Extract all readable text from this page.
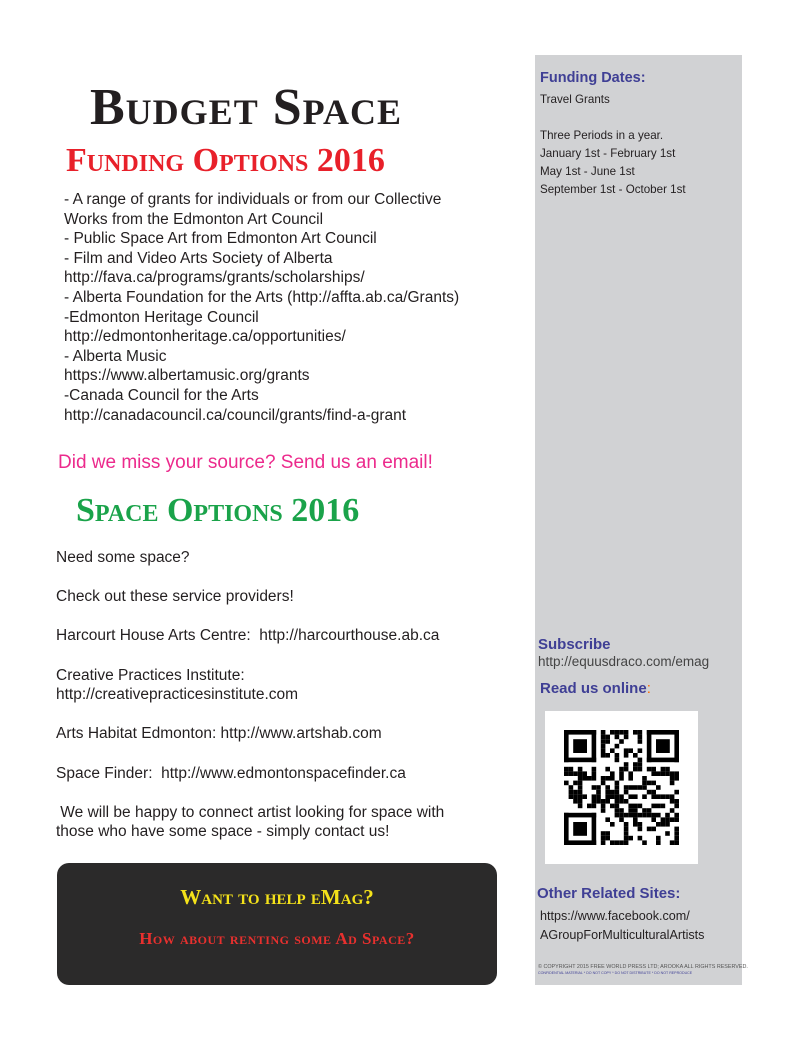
Budget Space
Funding Options 2016
- A range of grants for individuals or from our Collective
Works from the Edmonton Art Council
- Public Space Art from Edmonton Art Council
- Film and Video Arts Society of Alberta
http://fava.ca/programs/grants/scholarships/
- Alberta Foundation for the Arts (http://affta.ab.ca/Grants)
-Edmonton Heritage Council
http://edmontonheritage.ca/opportunities/
- Alberta Music
https://www.albertamusic.org/grants
-Canada Council for the Arts
http://canadacouncil.ca/council/grants/find-a-grant
Did we miss your source? Send us an email!
Space Options 2016

Need some space?

Check out these service providers!

Harcourt House Arts Centre:  http://harcourthouse.ab.ca

Creative Practices Institute:
http://creativepracticesinstitute.com

Arts Habitat Edmonton: http://www.artshab.com

Space Finder:  http://www.edmontonspacefinder.ca

We will be happy to connect artist looking for space with
those who have some space - simply contact us!

Want to help eMag?
How about renting some Ad Space?
Funding Dates:
Travel Grants
Three Periods in a year.
January 1st - February 1st
May 1st - June 1st
September 1st - October 1st
Subscribe
http://equusdraco.com/emag
Read us online:
Other Related Sites:
https://www.facebook.com/
AGroupForMulticulturalArtists
© COPYRIGHT 2015 FREE WORLD PRESS LTD; AROOKA ALL RIGHTS RESERVED.
CONFIDENTIAL MATERIAL * DO NOT COPY * DO NOT DISTRIBUTE * DO NOT REPRODUCE
